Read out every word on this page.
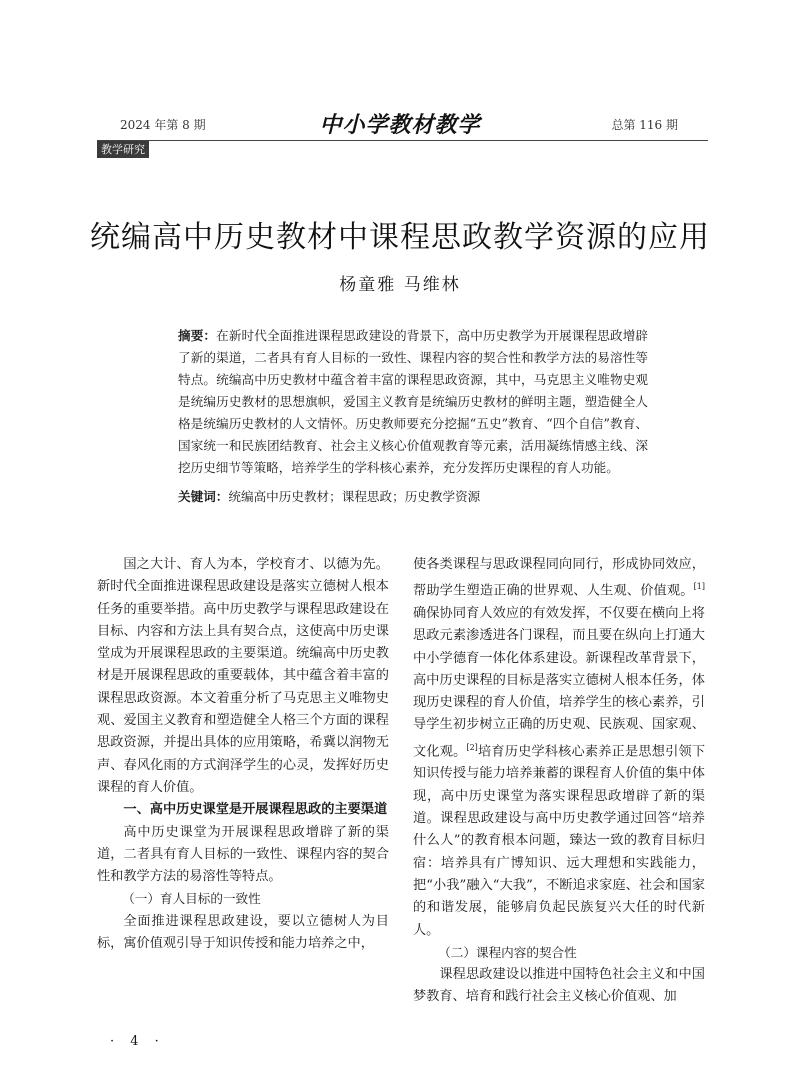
2024 年第 8 期	中小学教材教学	总第 116 期
教学研究
统编高中历史教材中课程思政教学资源的应用
杨童雅 马维林
摘要：在新时代全面推进课程思政建设的背景下，高中历史教学为开展课程思政增辟了新的渠道，二者具有育人目标的一致性、课程内容的契合性和教学方法的易溶性等特点。统编高中历史教材中蕴含着丰富的课程思政资源，其中，马克思主义唯物史观是统编历史教材的思想旗帜，爱国主义教育是统编历史教材的鲜明主题，塑造健全人格是统编历史教材的人文情怀。历史教师要充分挖掘“五史”教育、“四个自信”教育、国家统一和民族团结教育、社会主义核心价值观教育等元素，活用凝练情感主线、深挖历史细节等策略，培养学生的学科核心素养，充分发挥历史课程的育人功能。
关键词：统编高中历史教材；课程思政；历史教学资源

国之大计、育人为本，学校育才、以德为先。新时代全面推进课程思政建设是落实立德树人根本任务的重要举措。高中历史教学与课程思政建设在目标、内容和方法上具有契合点，这使高中历史课堂成为开展课程思政的主要渠道。统编高中历史教材是开展课程思政的重要载体，其中蕴含着丰富的课程思政资源。本文着重分析了马克思主义唯物史观、爱国主义教育和塑造健全人格三个方面的课程思政资源，并提出具体的应用策略，希冀以润物无声、春风化雨的方式润泽学生的心灵，发挥好历史课程的育人价值。

一、高中历史课堂是开展课程思政的主要渠道

高中历史课堂为开展课程思政增辟了新的渠道，二者具有育人目标的一致性、课程内容的契合性和教学方法的易溶性等特点。

（一）育人目标的一致性

全面推进课程思政建设，要以立德树人为目标，寓价值观引导于知识传授和能力培养之中，

使各类课程与思政课程同向同行，形成协同效应，帮助学生塑造正确的世界观、人生观、价值观。[1]确保协同育人效应的有效发挥，不仅要在横向上将思政元素渗透进各门课程，而且要在纵向上打通大中小学德育一体化体系建设。新课程改革背景下，高中历史课程的目标是落实立德树人根本任务，体现历史课程的育人价值，培养学生的核心素养，引导学生初步树立正确的历史观、民族观、国家观、文化观。[2]培育历史学科核心素养正是思想引领下知识传授与能力培养兼蓄的课程育人价值的集中体现，高中历史课堂为落实课程思政增辟了新的渠道。课程思政建设与高中历史教学通过回答“培养什么人”的教育根本问题，臻达一致的教育目标归宿：培养具有广博知识、远大理想和实践能力，把“小我”融入“大我”，不断追求家庭、社会和国家的和谐发展，能够肩负起民族复兴大任的时代新人。

（二）课程内容的契合性

课程思政建设以推进中国特色社会主义和中国梦教育、培育和践行社会主义核心价值观、加

· 4 ·
